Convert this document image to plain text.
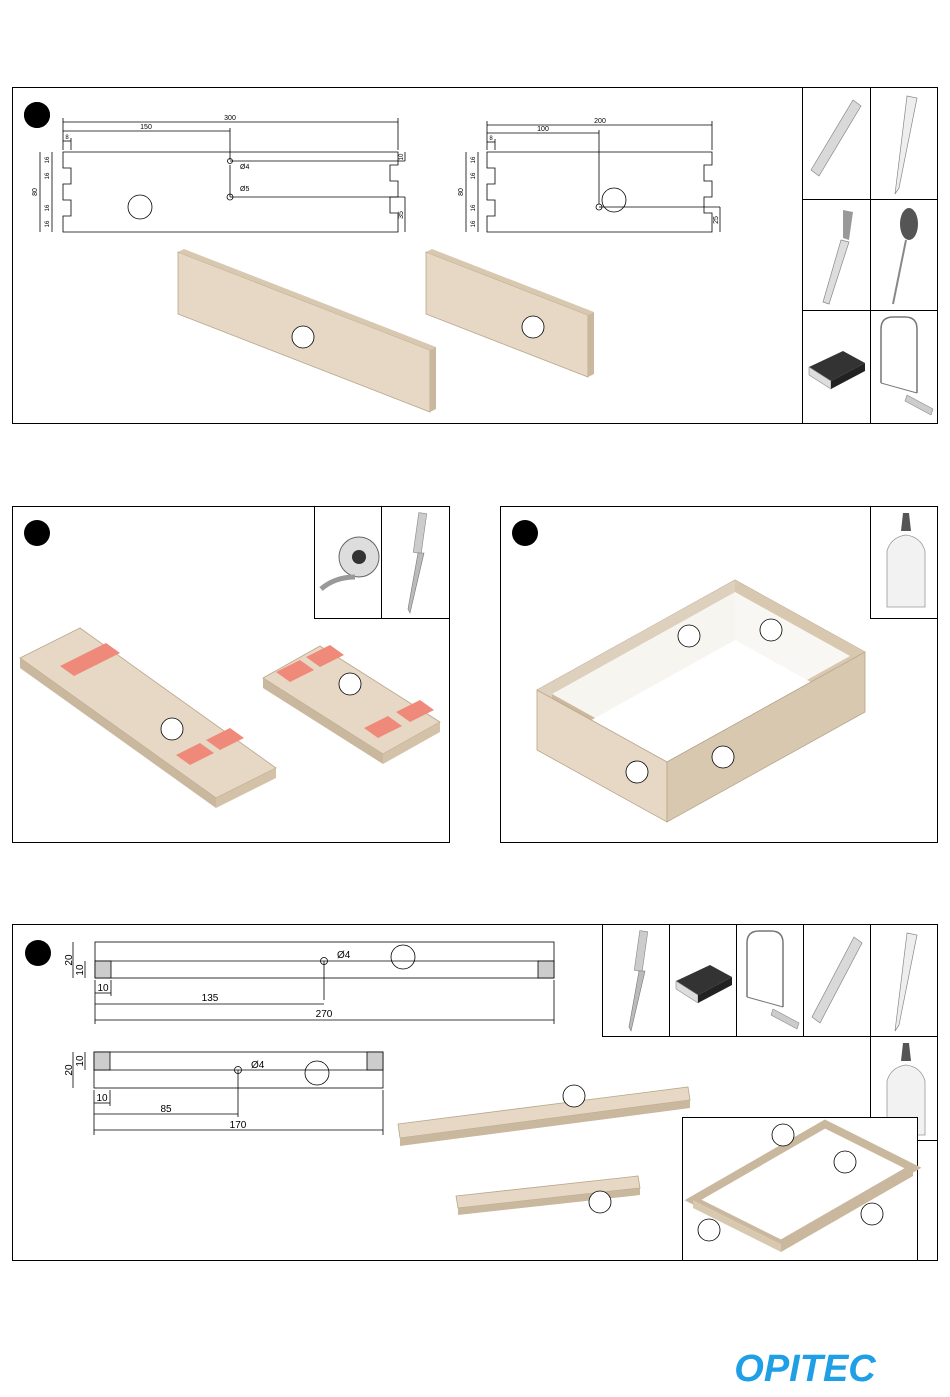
300
150
8
80
16
16
16
16
10
35
Ø4
Ø5
200
100
8
80
16
16
16
16
25
20
10
Ø4
10
135
270
20
10	Ø4
10
85
170
OPITEC
